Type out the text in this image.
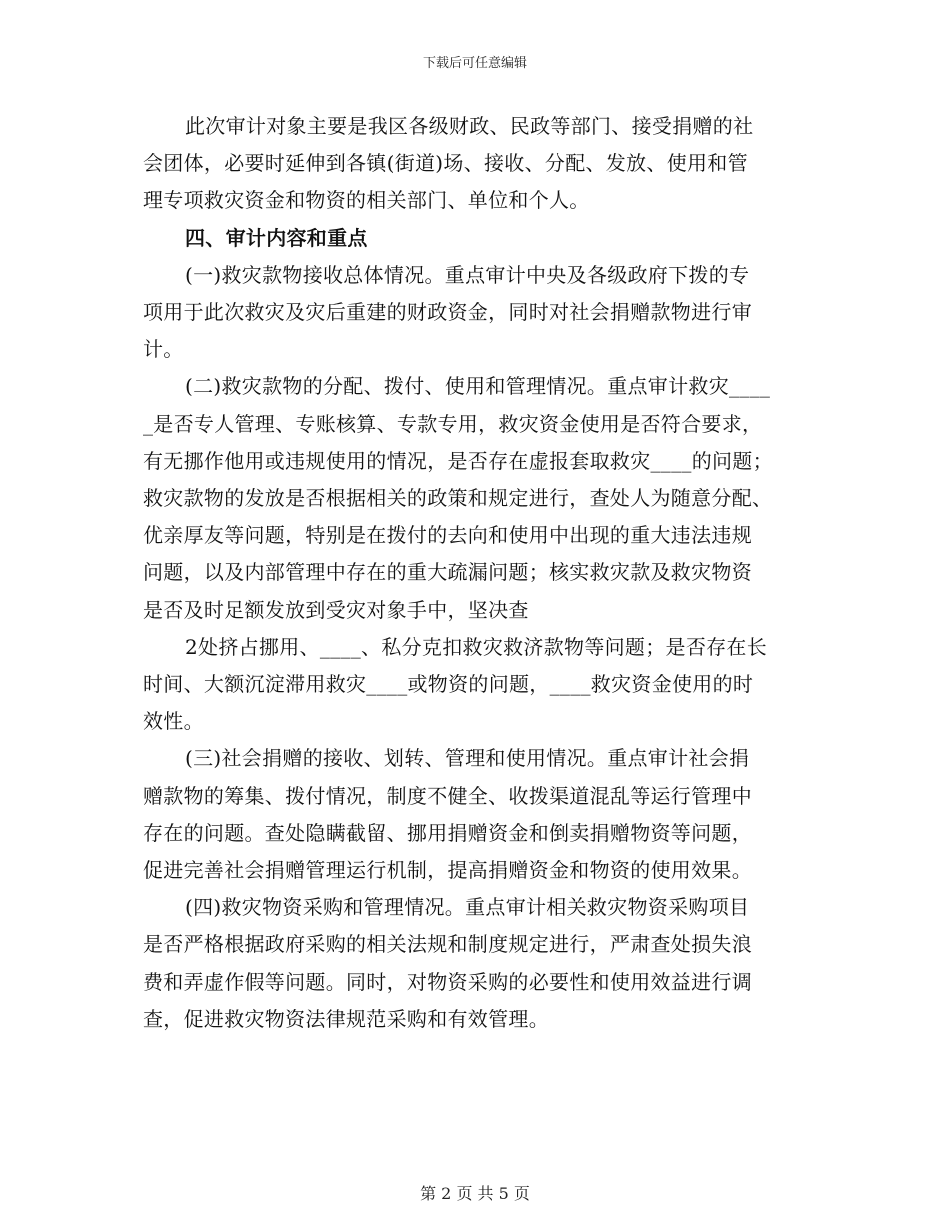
下载后可任意编辑

此次审计对象主要是我区各级财政、民政等部门、接受捐赠的社
会团体，必要时延伸到各镇(街道)场、接收、分配、发放、使用和管
理专项救灾资金和物资的相关部门、单位和个人。

四、审计内容和重点

(一)救灾款物接收总体情况。重点审计中央及各级政府下拨的专
项用于此次救灾及灾后重建的财政资金，同时对社会捐赠款物进行审
计。

(二)救灾款物的分配、拨付、使用和管理情况。重点审计救灾____
_是否专人管理、专账核算、专款专用，救灾资金使用是否符合要求，
有无挪作他用或违规使用的情况，是否存在虚报套取救灾____的问题；
救灾款物的发放是否根据相关的政策和规定进行，查处人为随意分配、
优亲厚友等问题，特别是在拨付的去向和使用中出现的重大违法违规
问题，以及内部管理中存在的重大疏漏问题；核实救灾款及救灾物资
是否及时足额发放到受灾对象手中，坚决查

2处挤占挪用、____、私分克扣救灾救济款物等问题；是否存在长
时间、大额沉淀滞用救灾____或物资的问题，____救灾资金使用的时
效性。

(三)社会捐赠的接收、划转、管理和使用情况。重点审计社会捐
赠款物的筹集、拨付情况，制度不健全、收拨渠道混乱等运行管理中
存在的问题。查处隐瞒截留、挪用捐赠资金和倒卖捐赠物资等问题，
促进完善社会捐赠管理运行机制，提高捐赠资金和物资的使用效果。

(四)救灾物资采购和管理情况。重点审计相关救灾物资采购项目
是否严格根据政府采购的相关法规和制度规定进行，严肃查处损失浪
费和弄虚作假等问题。同时，对物资采购的必要性和使用效益进行调
查，促进救灾物资法律规范采购和有效管理。

第 2 页 共 5 页
